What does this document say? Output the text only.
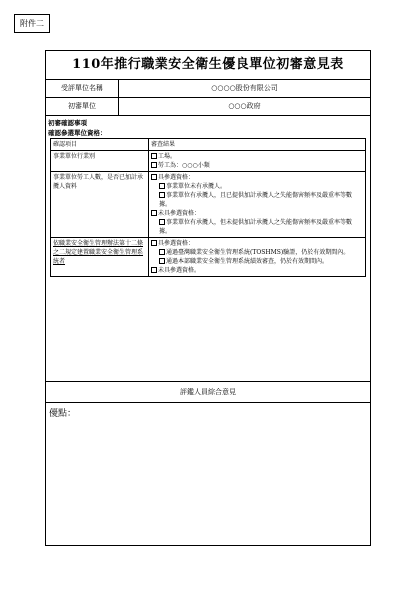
附件二
110年推行職業安全衛生優良單位初審意見表
受評單位名稱	○○○○股份有限公司
初審單位	○○○政府
初審確認事項
確認參選單位資格：
確認項目	審查結果
事業單位行業別	工場。
勞工為：○○○小類

事業單位勞工人數，是否已加計承攬人資料	具參選資格：
事業單位未有承攬人。
事業單位有承攬人，且已提供加計承攬人之失能傷害頻率及嚴重率等數據。
未具參選資格：
事業單位有承攬人，但未提供加計承攬人之失能傷害頻率及嚴重率等數據。

依職業安全衛生管理辦法第十二條之二規定建置職業安全衛生管理系統者	具參選資格：
通過臺灣職業安全衛生管理系統(TOSHMS)驗證，仍於有效期間內。
通過本部職業安全衛生管理系統績效審查，仍於有效期間內。
未具參選資格。
評鑑人員綜合意見
優點：
